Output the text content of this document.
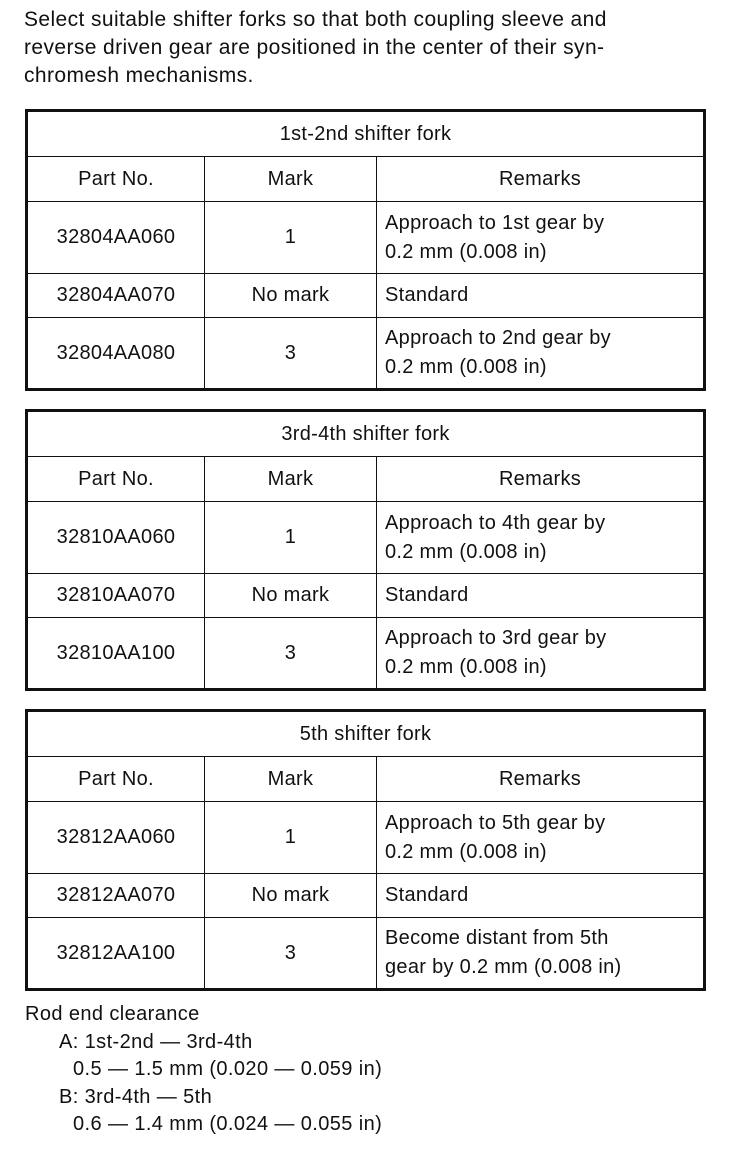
Select suitable shifter forks so that both coupling sleeve and
reverse driven gear are positioned in the center of their syn-
chromesh mechanisms.

1st-2nd shifter fork		
Part No.	Mark	Remarks
32804AA060	1	Approach to 1st gear by
0.2 mm (0.008 in)
32804AA070	No mark	Standard
32804AA080	3	Approach to 2nd gear by
0.2 mm (0.008 in)
3rd-4th shifter fork		
Part No.	Mark	Remarks
32810AA060	1	Approach to 4th gear by
0.2 mm (0.008 in)
32810AA070	No mark	Standard
32810AA100	3	Approach to 3rd gear by
0.2 mm (0.008 in)
5th shifter fork		
Part No.	Mark	Remarks
32812AA060	1	Approach to 5th gear by
0.2 mm (0.008 in)
32812AA070	No mark	Standard
32812AA100	3	Become distant from 5th
gear by 0.2 mm (0.008 in)
Rod end clearance
A: 1st-2nd — 3rd-4th
0.5 — 1.5 mm (0.020 — 0.059 in)
B: 3rd-4th — 5th
0.6 — 1.4 mm (0.024 — 0.055 in)
